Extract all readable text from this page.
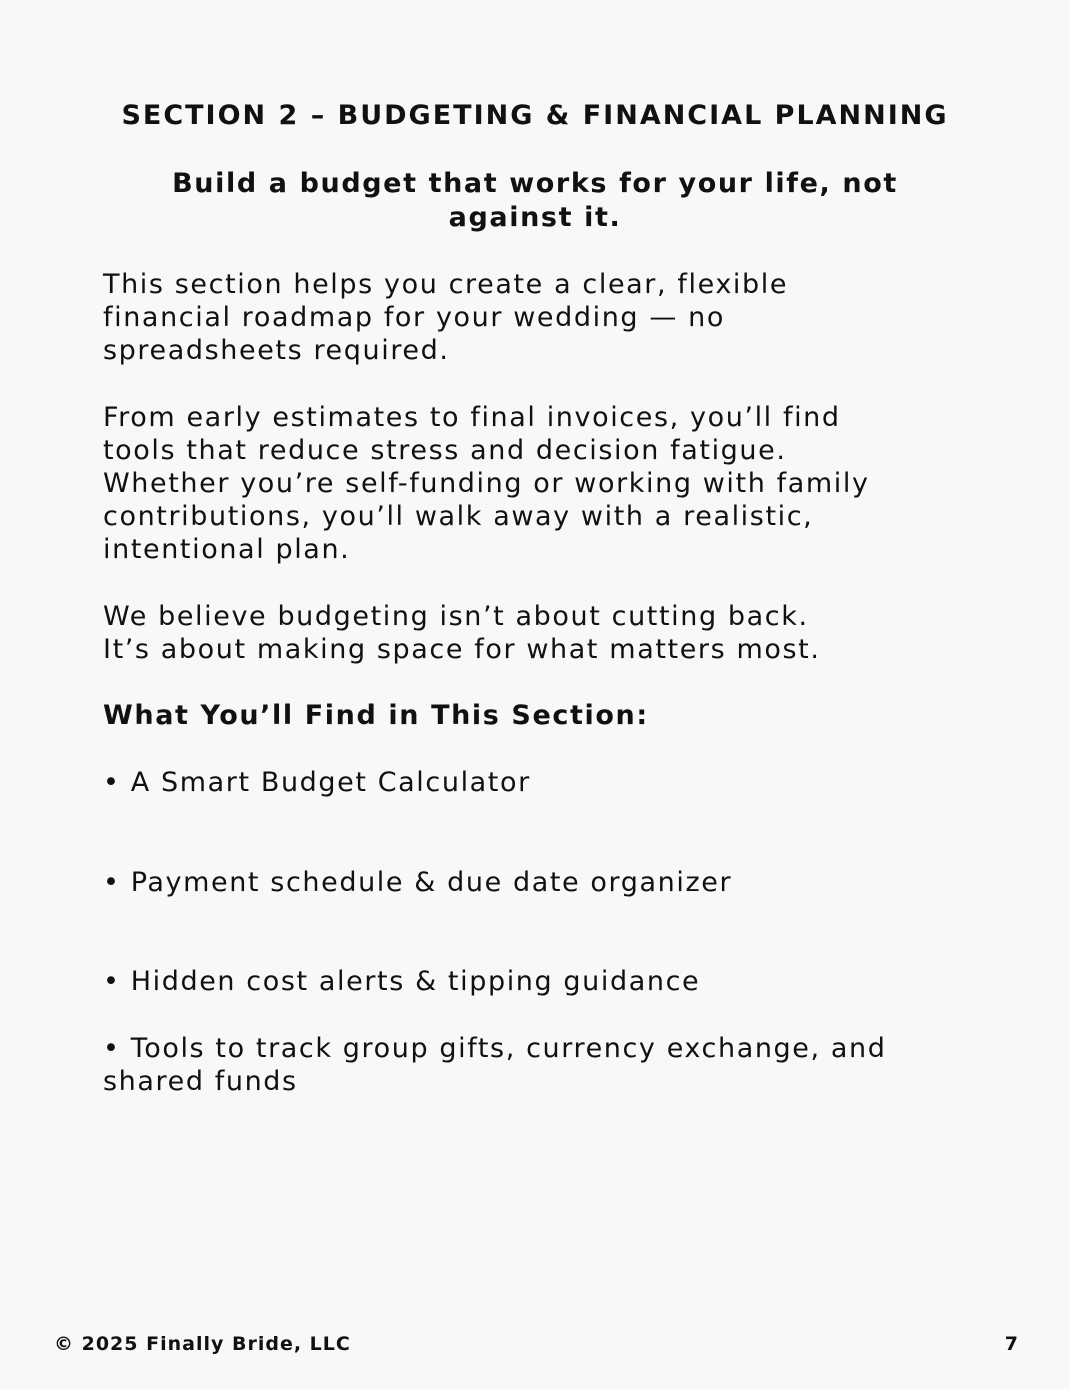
SECTION 2 – BUDGETING & FINANCIAL PLANNING
Build a budget that works for your life, not against it.

This section helps you create a clear, flexible
financial roadmap for your wedding — no
spreadsheets required.

From early estimates to final invoices, you’ll find
tools that reduce stress and decision fatigue.
Whether you’re self-funding or working with family
contributions, you’ll walk away with a realistic,
intentional plan.

We believe budgeting isn’t about cutting back.
It’s about making space for what matters most.

What You’ll Find in This Section:
• A Smart Budget Calculator
• Payment schedule & due date organizer
• Hidden cost alerts & tipping guidance
• Tools to track group gifts, currency exchange, and
shared funds
© 2025 Finally Bride, LLC	7
